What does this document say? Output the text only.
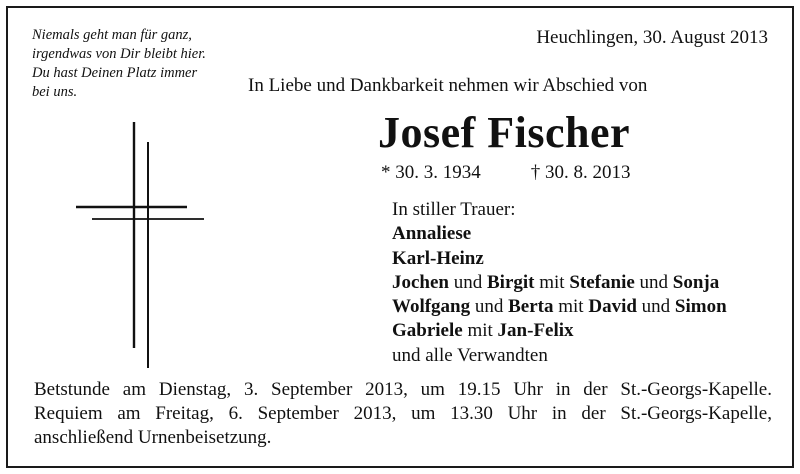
Niemals geht man für ganz,
irgendwas von Dir bleibt hier.
Du hast Deinen Platz immer
bei uns.
Heuchlingen, 30. August 2013
In Liebe und Dankbarkeit nehmen wir Abschied von
Josef Fischer
* 30. 3. 1934	† 30. 8. 2013
In stiller Trauer:
Annaliese
Karl-Heinz
Jochen und Birgit mit Stefanie und Sonja
Wolfgang und Berta mit David und Simon
Gabriele mit Jan-Felix
und alle Verwandten
Betstunde am Dienstag, 3. September 2013, um 19.15 Uhr in der St.-Georgs-Kapelle.
Requiem am Freitag, 6. September 2013, um 13.30 Uhr in der St.-Georgs-Kapelle,
anschließend Urnenbeisetzung.
